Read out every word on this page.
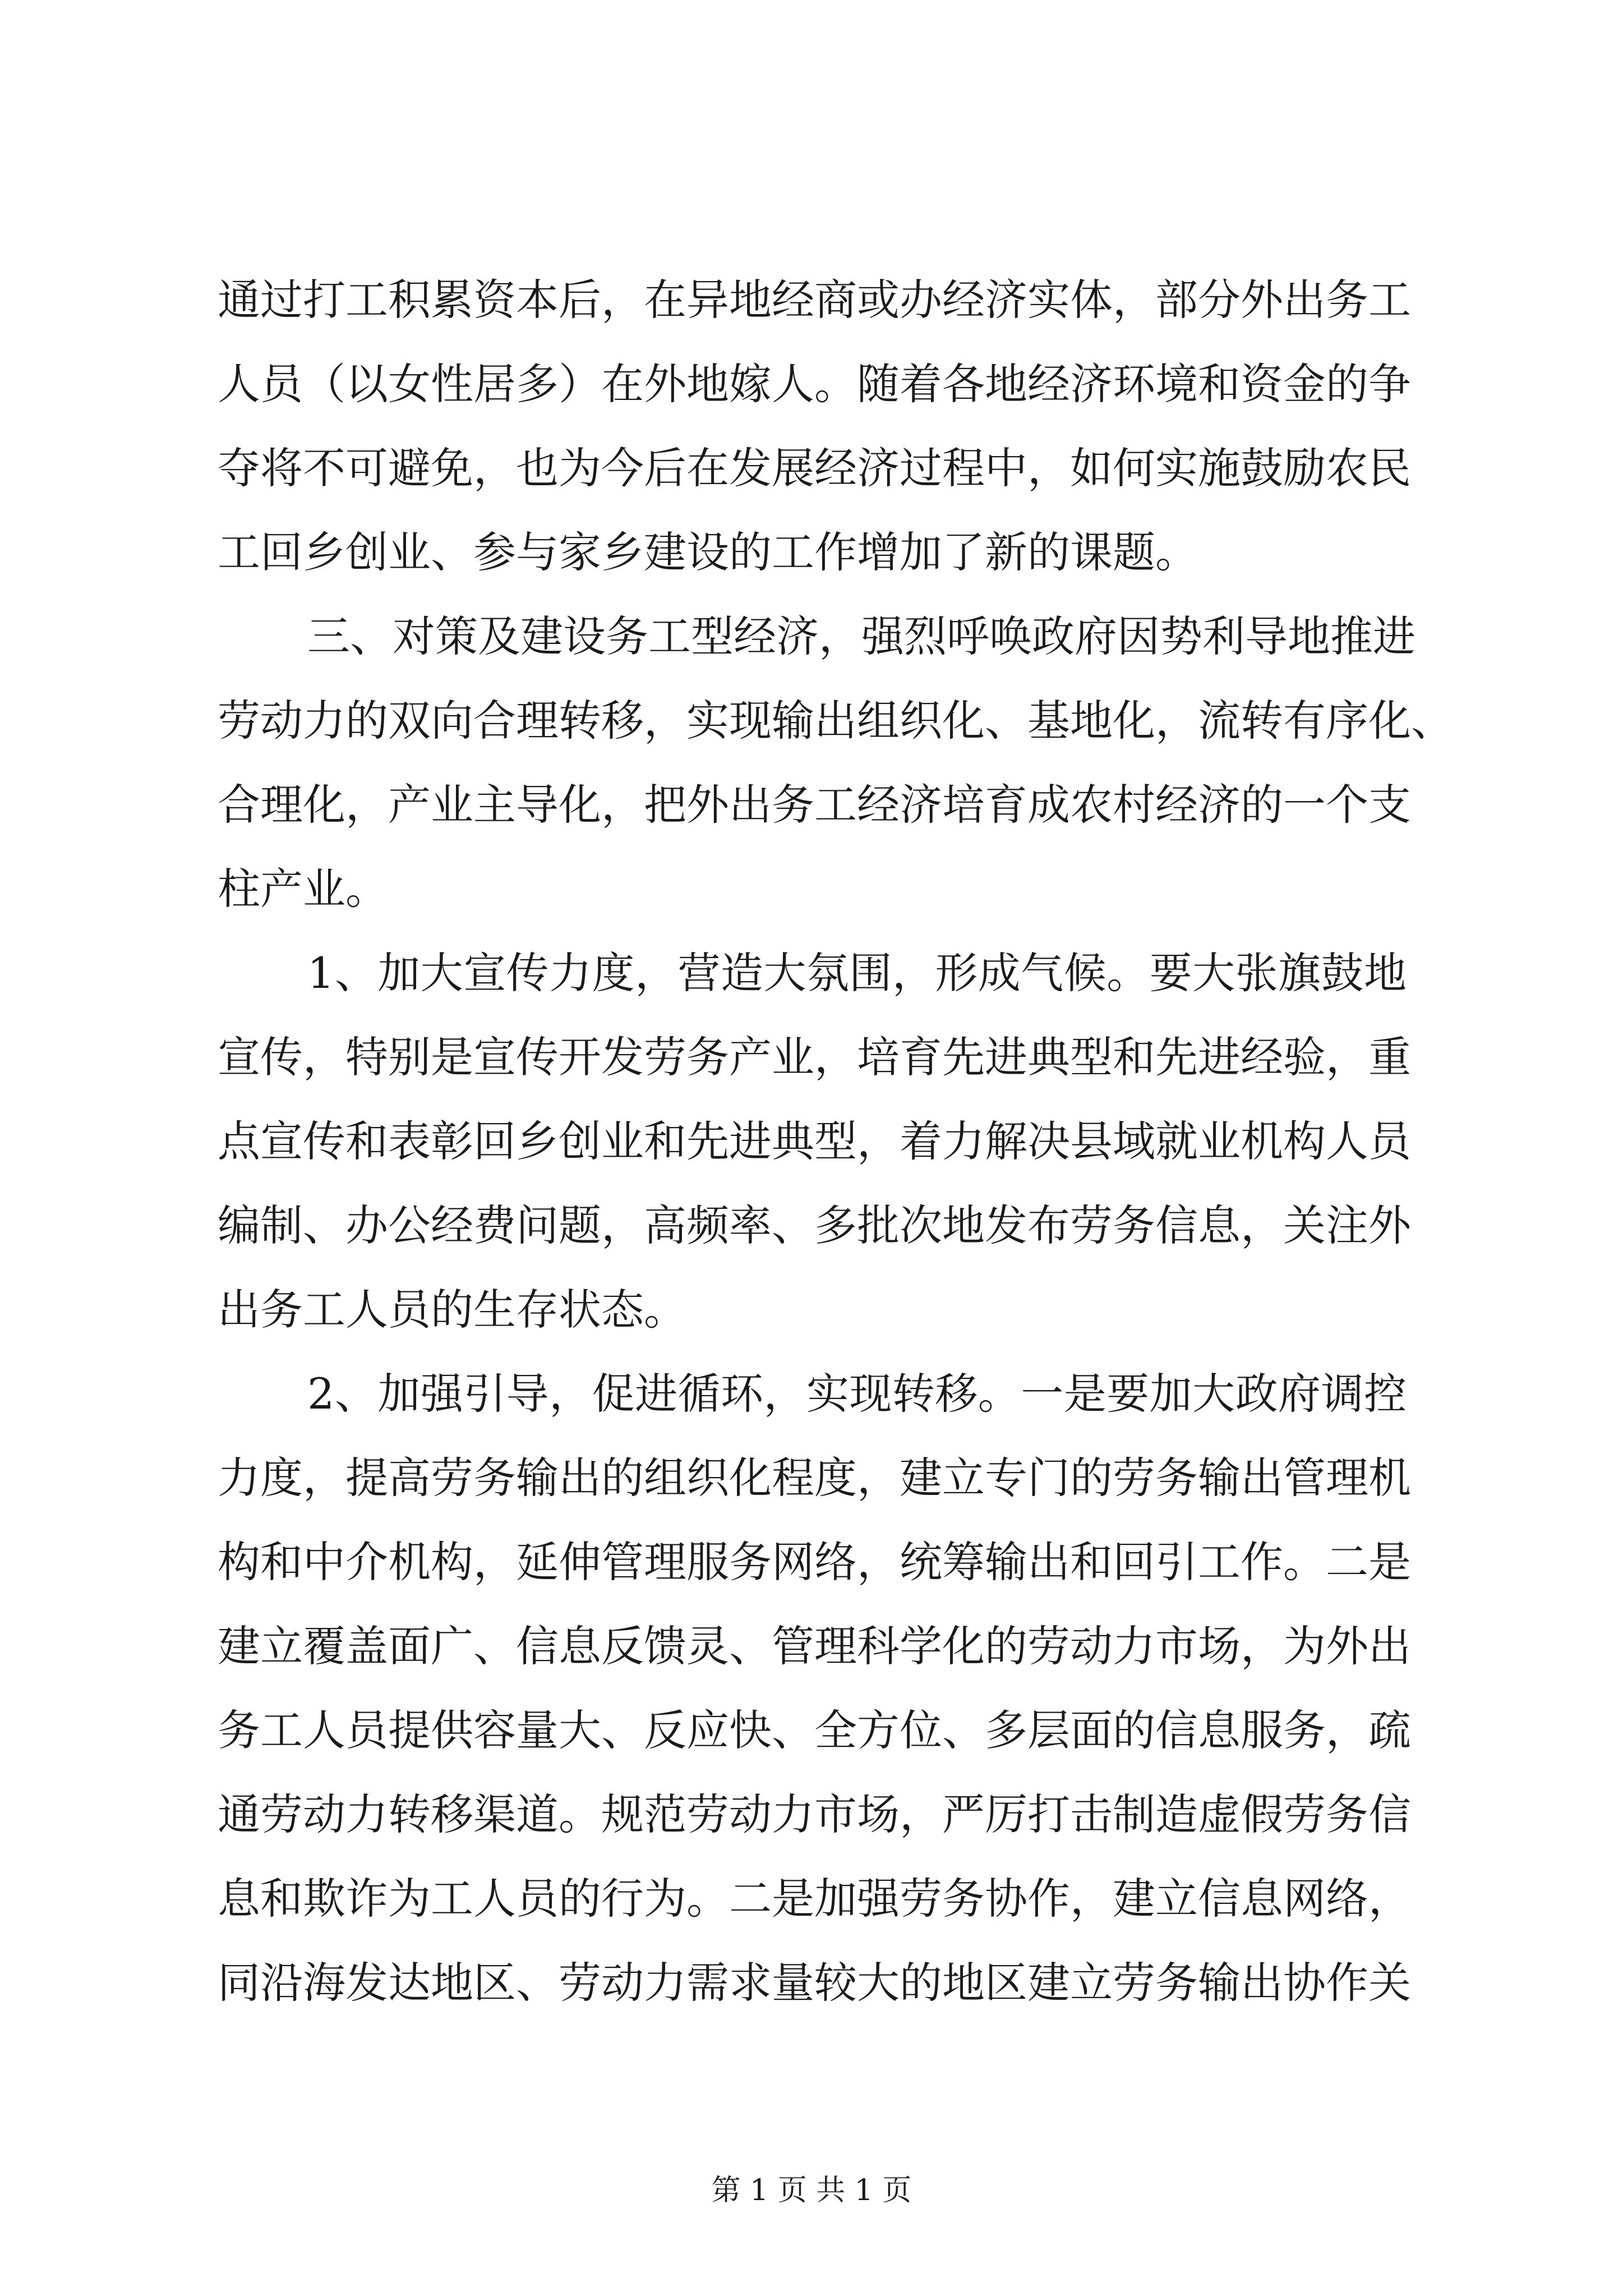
通过打工积累资本后，在异地经商或办经济实体，部分外出务工
人员（以女性居多）在外地嫁人。随着各地经济环境和资金的争
夺将不可避免，也为今后在发展经济过程中，如何实施鼓励农民
工回乡创业、参与家乡建设的工作增加了新的课题。
三、对策及建设务工型经济，强烈呼唤政府因势利导地推进
劳动力的双向合理转移，实现输出组织化、基地化，流转有序化、
合理化，产业主导化，把外出务工经济培育成农村经济的一个支
柱产业。
1、加大宣传力度，营造大氛围，形成气候。要大张旗鼓地
宣传，特别是宣传开发劳务产业，培育先进典型和先进经验，重
点宣传和表彰回乡创业和先进典型，着力解决县域就业机构人员
编制、办公经费问题，高频率、多批次地发布劳务信息，关注外
出务工人员的生存状态。
2、加强引导，促进循环，实现转移。一是要加大政府调控
力度，提高劳务输出的组织化程度，建立专门的劳务输出管理机
构和中介机构，延伸管理服务网络，统筹输出和回引工作。二是
建立覆盖面广、信息反馈灵、管理科学化的劳动力市场，为外出
务工人员提供容量大、反应快、全方位、多层面的信息服务，疏
通劳动力转移渠道。规范劳动力市场，严厉打击制造虚假劳务信
息和欺诈为工人员的行为。二是加强劳务协作，建立信息网络，
同沿海发达地区、劳动力需求量较大的地区建立劳务输出协作关
第 1 页 共 1 页
